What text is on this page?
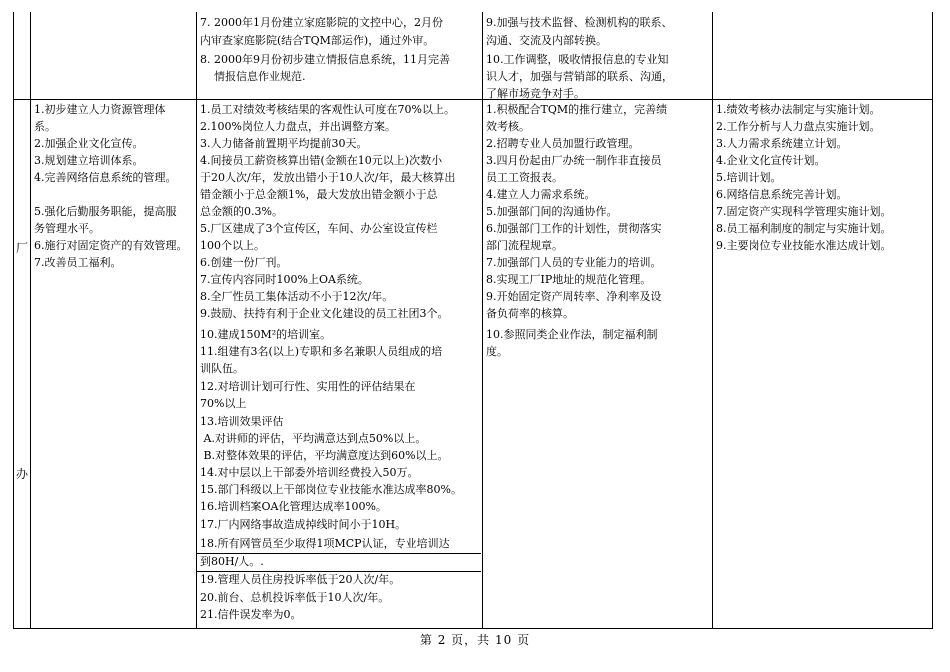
7. 2000年1月份建立家庭影院的文控中心，2月份
内审查家庭影院(结合TQM部运作)，通过外审。
8. 2000年9月份初步建立情报信息系统，11月完善
情报信息作业规范.
9.加强与技术监督、检测机构的联系、
沟通、交流及内部转换。
10.工作调整，吸收情报信息的专业知
识人才，加强与营销部的联系、沟通，
了解市场竞争对手。
厂
办
1.初步建立人力资源管理体
系。
2.加强企业文化宣传。
3.规划建立培训体系。
4.完善网络信息系统的管理。
5.强化后勤服务职能，提高服
务管理水平。
6.施行对固定资产的有效管理。
7.改善员工福利。
1.员工对绩效考核结果的客观性认可度在70%以上。
2.100%岗位人力盘点，并出调整方案。
3.人力储备前置期平均提前30天。
4.间接员工薪资核算出错(金额在10元以上)次数小
于20人次/年，发放出错小于10人次/年，最大核算出
错金额小于总金额1%，最大发放出错金额小于总
总金额的0.3%。
5.厂区建成了3个宣传区，车间、办公室设宣传栏
100个以上。
6.创建一份厂刊。
7.宣传内容同时100%上OA系统。
8.全厂性员工集体活动不小于12次/年。
9.鼓励、扶持有利于企业文化建设的员工社团3个。
10.建成150M²的培训室。
11.组建有3名(以上)专职和多名兼职人员组成的培
训队伍。
12.对培训计划可行性、实用性的评估结果在
70%以上
13.培训效果评估
A.对讲师的评估，平均满意达到点50%以上。
B.对整体效果的评估，平均满意度达到60%以上。
14.对中层以上干部委外培训经费投入50万。
15.部门科级以上干部岗位专业技能水准达成率80%。
16.培训档案OA化管理达成率100%。
17.厂内网络事故造成掉线时间小于10H。
18.所有网管员至少取得1项MCP认证，专业培训达
到80H/人。.
19.管理人员住房投诉率低于20人次/年。
20.前台、总机投诉率低于10人次/年。
21.信件误发率为0。
1.积极配合TQM的推行建立，完善绩
效考核。
2.招聘专业人员加盟行政管理。
3.四月份起由厂办统一制作非直接员
员工工资报表。
4.建立人力需求系统。
5.加强部门间的沟通协作。
6.加强部门工作的计划性，贯彻落实
部门流程规章。
7.加强部门人员的专业能力的培训。
8.实现工厂IP地址的规范化管理。
9.开始固定资产周转率、净利率及设
备负荷率的核算。
10.参照同类企业作法，制定福利制
度。
1.绩效考核办法制定与实施计划。
2.工作分析与人力盘点实施计划。
3.人力需求系统建立计划。
4.企业文化宣传计划。
5.培训计划。
6.网络信息系统完善计划。
7.固定资产实现科学管理实施计划。
8.员工福利制度的制定与实施计划。
9.主要岗位专业技能水准达成计划。
第 2 页，共 10 页
